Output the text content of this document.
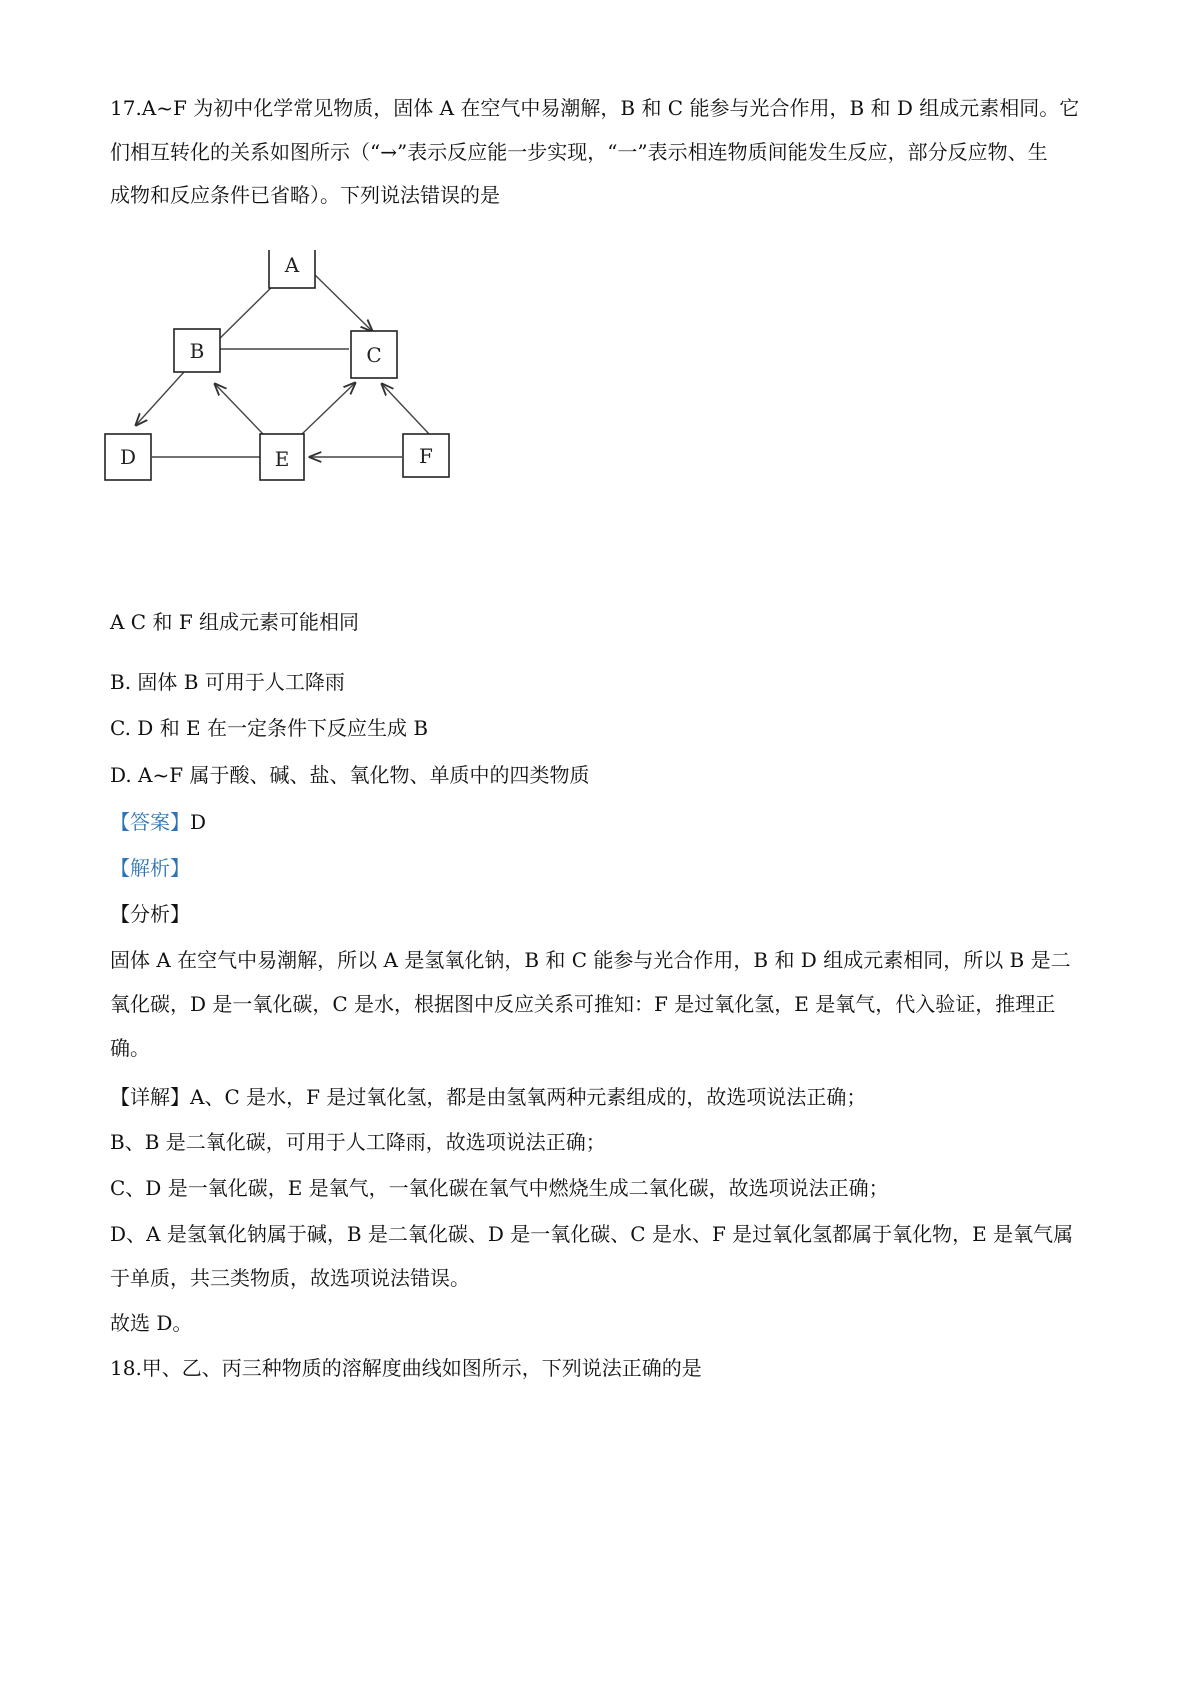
17.A~F 为初中化学常见物质，固体 A 在空气中易潮解，B 和 C 能参与光合作用，B 和 D 组成元素相同。它
们相互转化的关系如图所示（“→”表示反应能一步实现，“一”表示相连物质间能发生反应，部分反应物、生
成物和反应条件已省略）。下列说法错误的是
A
B	C
D	E	F
A C 和 F 组成元素可能相同
B. 固体 B 可用于人工降雨
C. D 和 E 在一定条件下反应生成 B
D. A~F 属于酸、碱、盐、氧化物、单质中的四类物质
【答案】D
【解析】
【分析】
固体 A 在空气中易潮解，所以 A 是氢氧化钠，B 和 C 能参与光合作用，B 和 D 组成元素相同，所以 B 是二
氧化碳，D 是一氧化碳，C 是水，根据图中反应关系可推知：F 是过氧化氢，E 是氧气，代入验证，推理正
确。
【详解】A、C 是水，F 是过氧化氢，都是由氢氧两种元素组成的，故选项说法正确；
B、B 是二氧化碳，可用于人工降雨，故选项说法正确；
C、D 是一氧化碳，E 是氧气，一氧化碳在氧气中燃烧生成二氧化碳，故选项说法正确；
D、A 是氢氧化钠属于碱，B 是二氧化碳、D 是一氧化碳、C 是水、F 是过氧化氢都属于氧化物，E 是氧气属
于单质，共三类物质，故选项说法错误。
故选 D。
18.甲、乙、丙三种物质的溶解度曲线如图所示，下列说法正确的是
